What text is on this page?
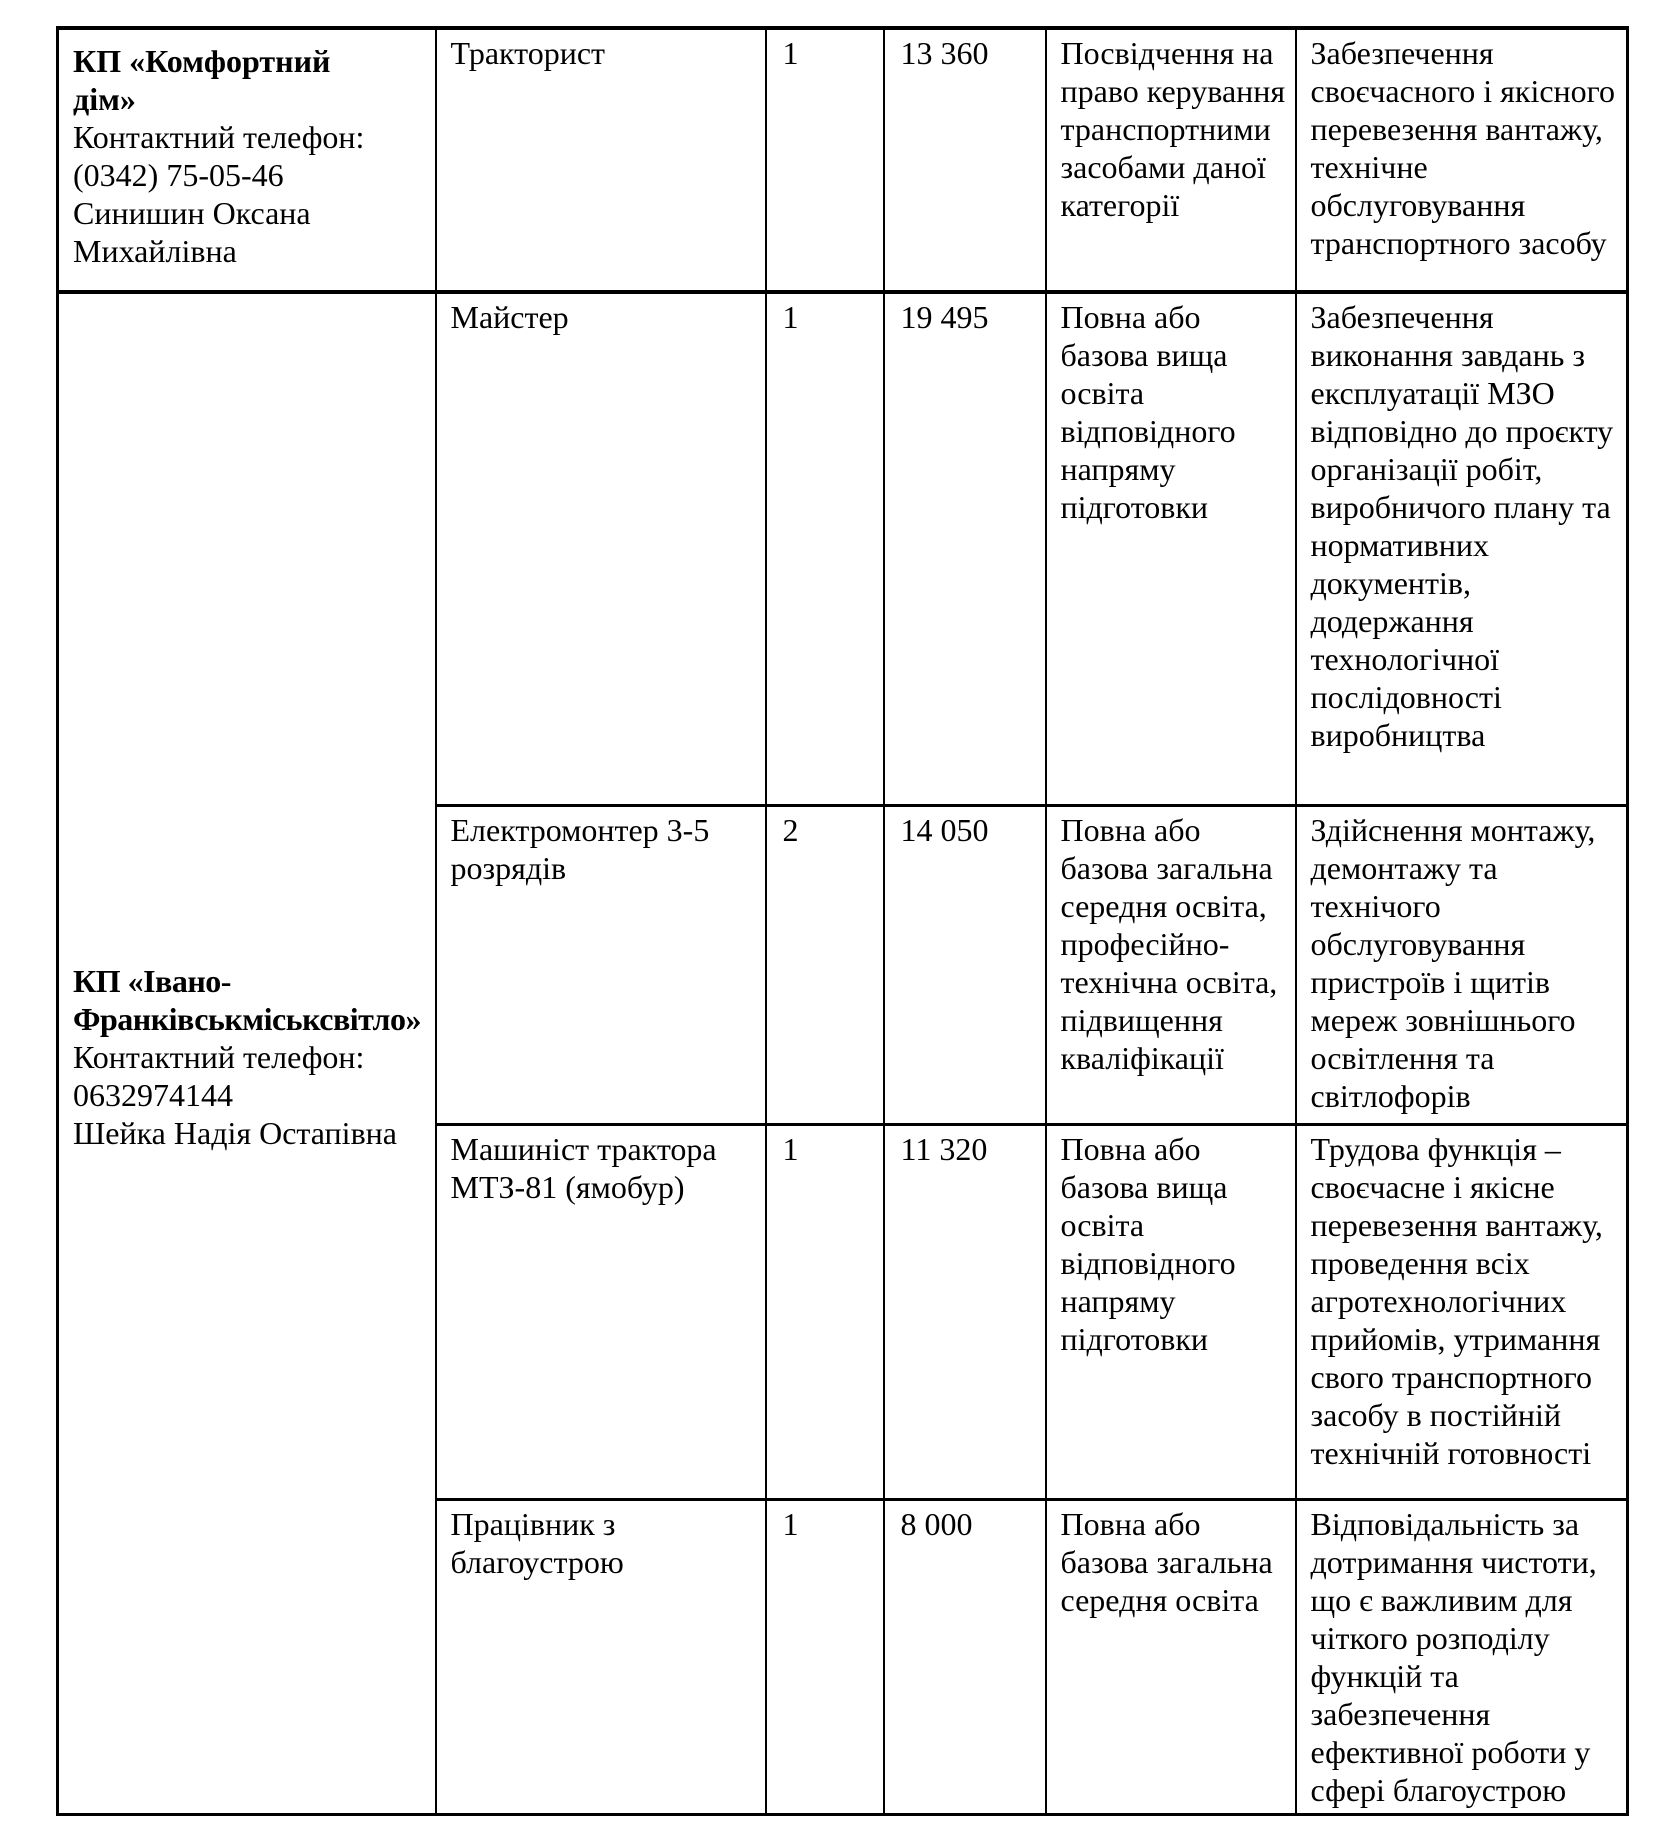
КП «Комфортний дім»
Контактний телефон:
(0342) 75-05-46
Синишин Оксана Михайлівна	Тракторист	1	13 360	Посвідчення на право керування транспортними засобами даної категорії	Забезпечення своєчасного і якісного перевезення вантажу, технічне обслуговування транспортного засобу

КП «Івано-Франківськміськсвітло»
Контактний телефон:
0632974144
Шейка Надія Остапівна	Майстер	1	19 495	Повна або базова вища освіта відповідного напряму підготовки	Забезпечення виконання завдань з експлуатації МЗО відповідно до проєкту організації робіт, виробничого плану та нормативних документів, додержання технологічної послідовності виробництва
	Електромонтер 3-5 розрядів	2	14 050	Повна або базова загальна середня освіта, професійно-технічна освіта, підвищення кваліфікації	Здійснення монтажу, демонтажу та технічого обслуговування пристроїв і щитів мереж зовнішнього освітлення та світлофорів
	Машиніст трактора МТЗ-81 (ямобур)	1	11 320	Повна або базова вища освіта відповідного напряму підготовки	Трудова функція – своєчасне і якісне перевезення вантажу, проведення всіх агротехнологічних прийомів, утримання свого транспортного засобу в постійній технічній готовності
	Працівник з благоустрою	1	8 000	Повна або базова загальна середня освіта	Відповідальність за дотримання чистоти, що є важливим для чіткого розподілу функцій та забезпечення ефективної роботи у сфері благоустрою
